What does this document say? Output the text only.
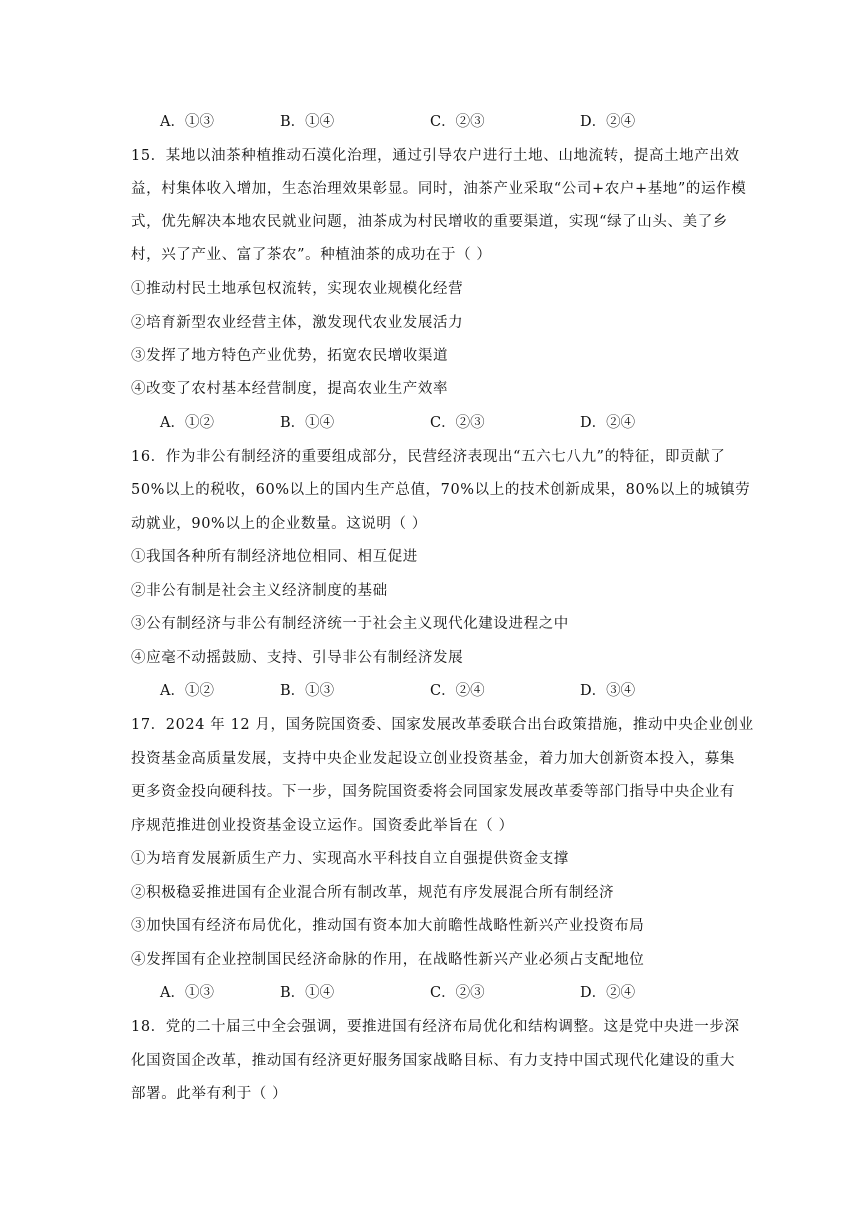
A．①③	B．①④	C．②③	D．②④
15．某地以油茶种植推动石漠化治理，通过引导农户进行土地、山地流转，提高土地产出效
益，村集体收入增加，生态治理效果彰显。同时，油茶产业采取“公司+农户+基地”的运作模
式，优先解决本地农民就业问题，油茶成为村民增收的重要渠道，实现“绿了山头、美了乡
村，兴了产业、富了茶农”。种植油茶的成功在于（ ）
①推动村民土地承包权流转，实现农业规模化经营
②培育新型农业经营主体，激发现代农业发展活力
③发挥了地方特色产业优势，拓宽农民增收渠道
④改变了农村基本经营制度，提高农业生产效率
A．①②	B．①④	C．②③	D．②④
16．作为非公有制经济的重要组成部分，民营经济表现出“五六七八九”的特征，即贡献了
50%以上的税收，60%以上的国内生产总值，70%以上的技术创新成果，80%以上的城镇劳
动就业，90%以上的企业数量。这说明（ ）
①我国各种所有制经济地位相同、相互促进
②非公有制是社会主义经济制度的基础
③公有制经济与非公有制经济统一于社会主义现代化建设进程之中
④应毫不动摇鼓励、支持、引导非公有制经济发展
A．①②	B．①③	C．②④	D．③④
17．2024 年 12 月，国务院国资委、国家发展改革委联合出台政策措施，推动中央企业创业
投资基金高质量发展，支持中央企业发起设立创业投资基金，着力加大创新资本投入，募集
更多资金投向硬科技。下一步，国务院国资委将会同国家发展改革委等部门指导中央企业有
序规范推进创业投资基金设立运作。国资委此举旨在（ ）
①为培育发展新质生产力、实现高水平科技自立自强提供资金支撑
②积极稳妥推进国有企业混合所有制改革，规范有序发展混合所有制经济
③加快国有经济布局优化，推动国有资本加大前瞻性战略性新兴产业投资布局
④发挥国有企业控制国民经济命脉的作用，在战略性新兴产业必须占支配地位
A．①③	B．①④	C．②③	D．②④
18．党的二十届三中全会强调，要推进国有经济布局优化和结构调整。这是党中央进一步深
化国资国企改革，推动国有经济更好服务国家战略目标、有力支持中国式现代化建设的重大
部署。此举有利于（ ）
